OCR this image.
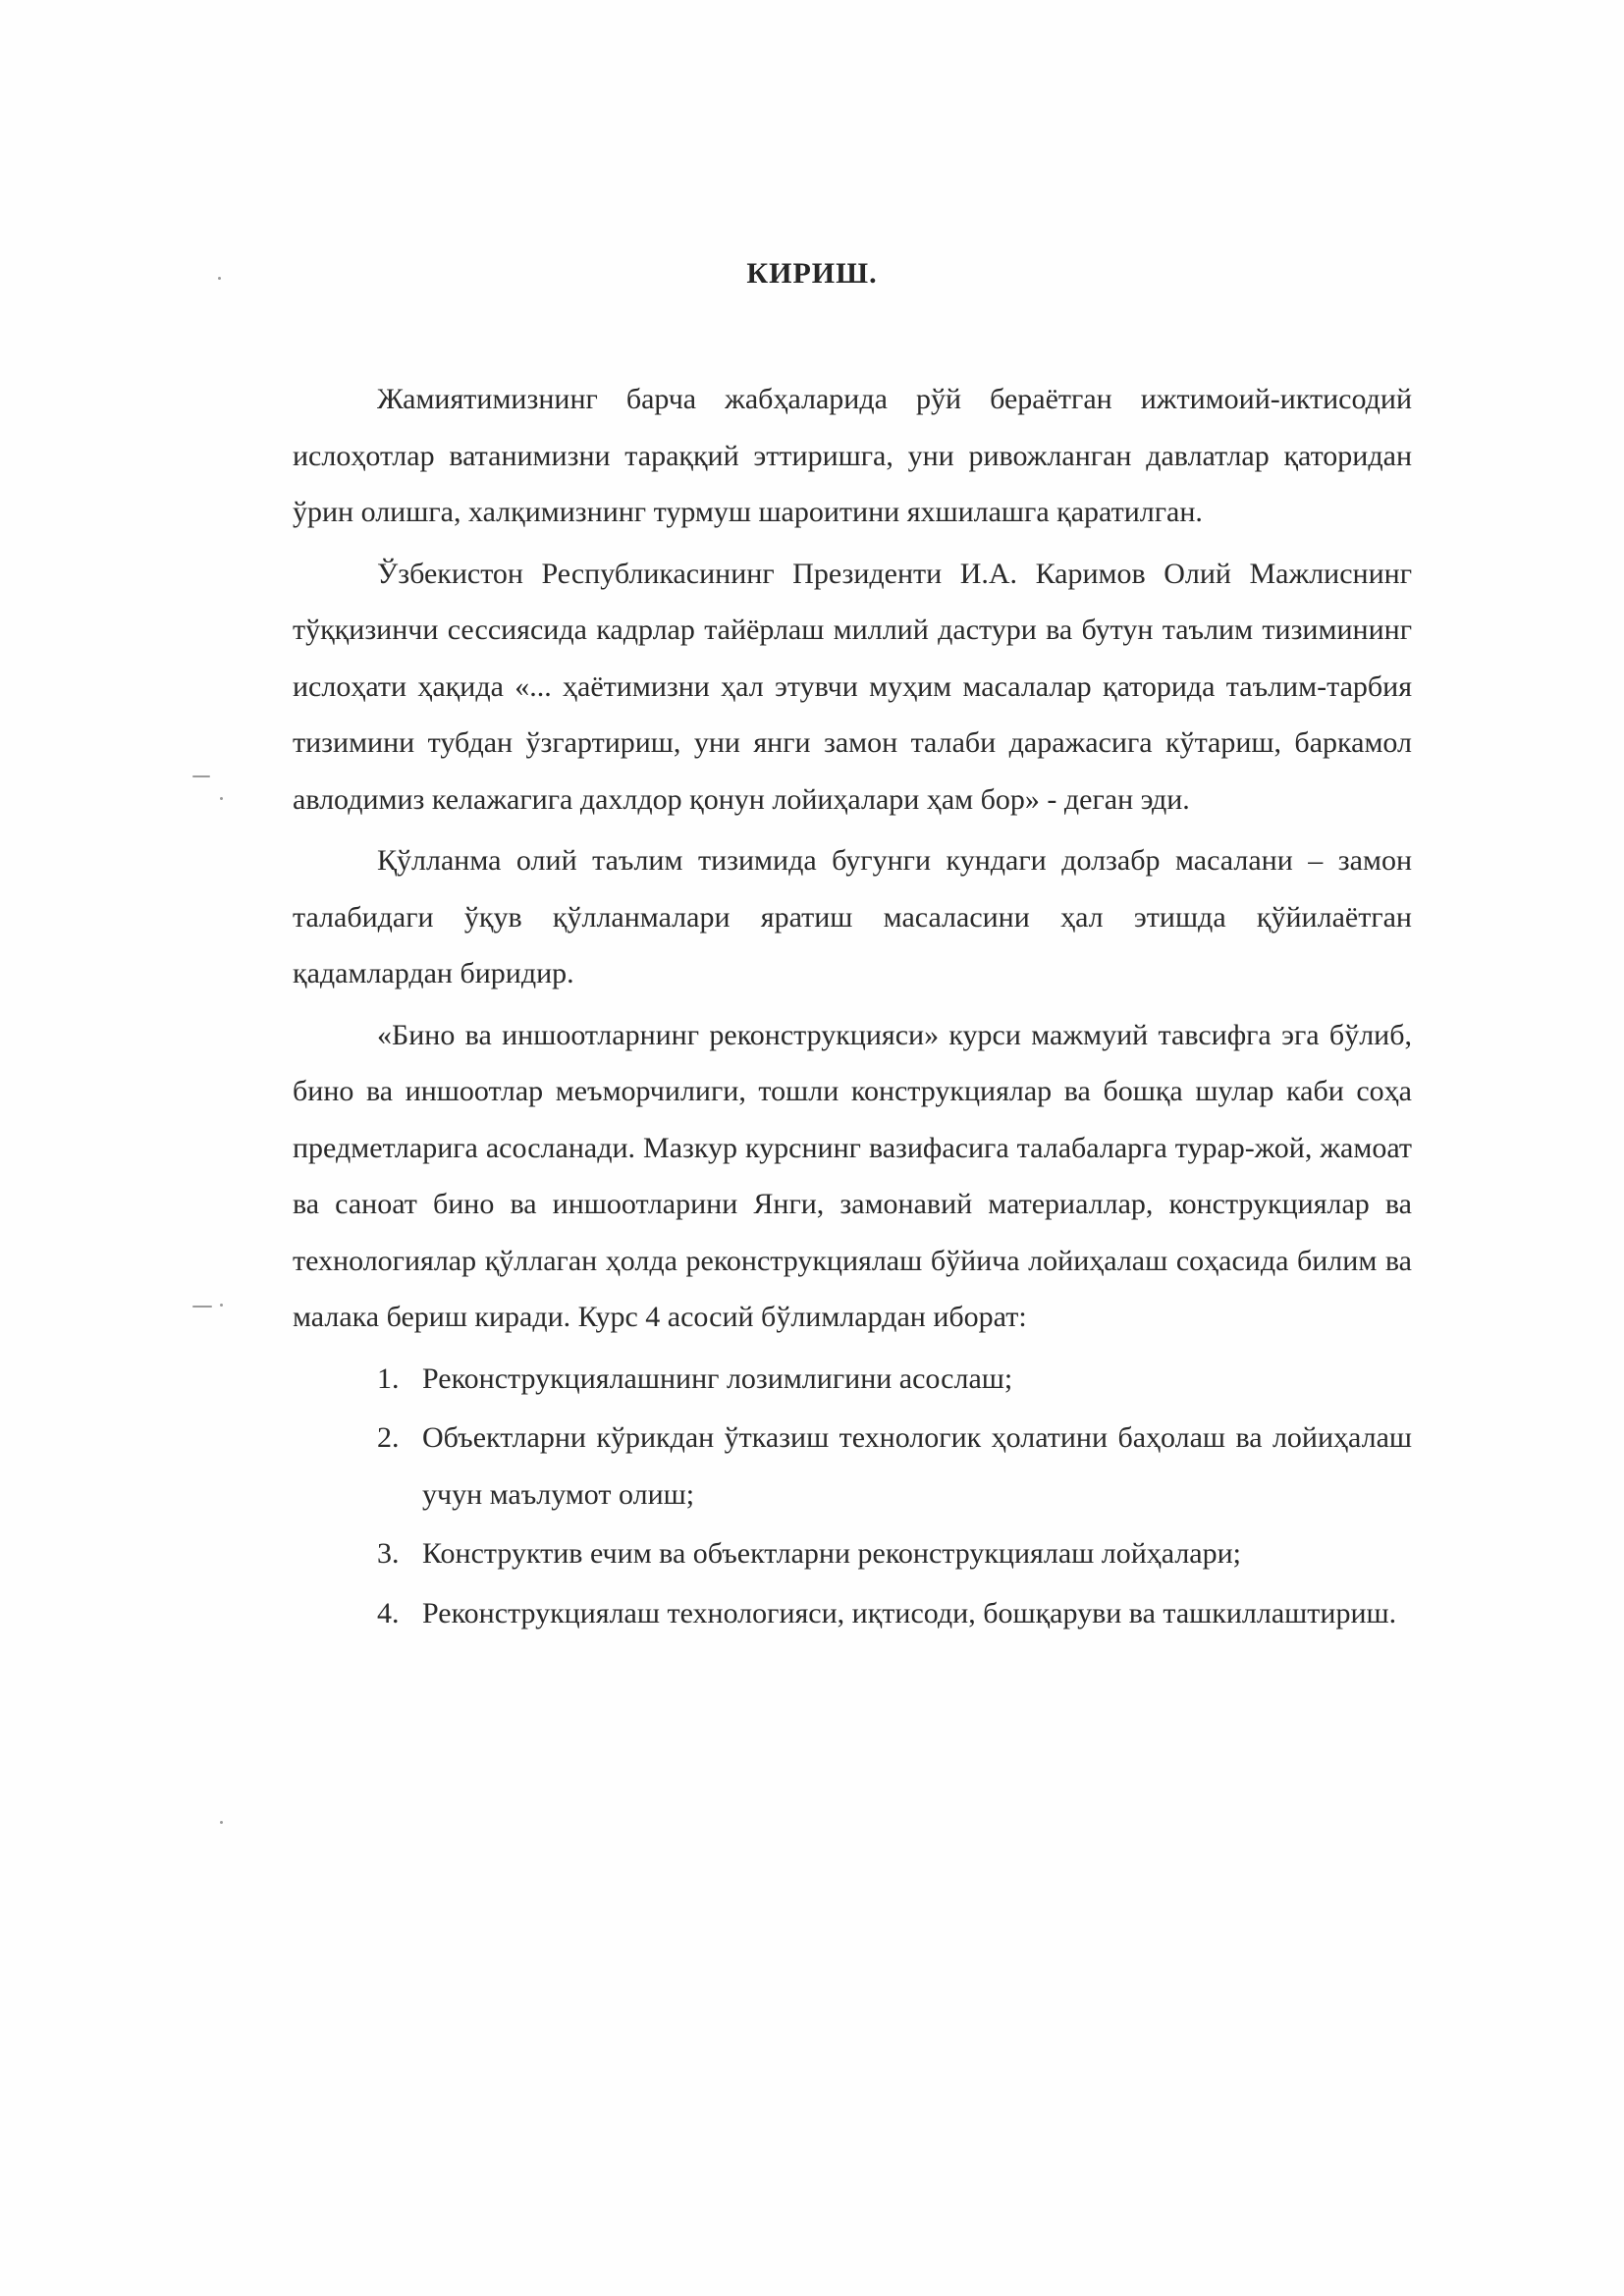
КИРИШ.

Жамиятимизнинг барча жабҳаларида рўй бераётган ижтимоий-иктисодий ислоҳотлар ватанимизни тараққий эттиришга, уни ривожланган давлатлар қаторидан ўрин олишга, халқимизнинг турмуш шароитини яхшилашга қаратилган.

Ўзбекистон Республикасининг Президенти И.А. Каримов Олий Мажлиснинг тўққизинчи сессиясида кадрлар тайёрлаш миллий дастури ва бутун таълим тизимининг ислоҳати ҳақида «... ҳаётимизни ҳал этувчи муҳим масалалар қаторида таълим-тарбия тизимини тубдан ўзгартириш, уни янги замон талаби даражасига кўтариш, баркамол авлодимиз келажагига дахлдор қонун лойиҳалари ҳам бор» - деган эди.

Қўлланма олий таълим тизимида бугунги кундаги долзабр масалани – замон талабидаги ўқув қўлланмалари яратиш масаласини ҳал этишда қўйилаётган қадамлардан биридир.

«Бино ва иншоотларнинг реконструкцияси» курси мажмуий тавсифга эга бўлиб, бино ва иншоотлар меъморчилиги, тошли конструкциялар ва бошқа шулар каби соҳа предметларига асосланади. Мазкур курснинг вазифасига талабаларга турар-жой, жамоат ва саноат бино ва иншоотларини Янги, замонавий материаллар, конструкциялар ва технологиялар қўллаган ҳолда реконструкциялаш бўйича лойиҳалаш соҳасида билим ва малака бериш киради. Курс 4 асосий бўлимлардан иборат:

1. Реконструкциялашнинг лозимлигини асослаш;
2. Объектларни кўрикдан ўтказиш технологик ҳолатини баҳолаш ва лойиҳалаш учун маълумот олиш;
3. Конструктив ечим ва объектларни реконструкциялаш лойҳалари;
4. Реконструкциялаш технологияси, иқтисоди, бошқаруви ва ташкиллаштириш.
